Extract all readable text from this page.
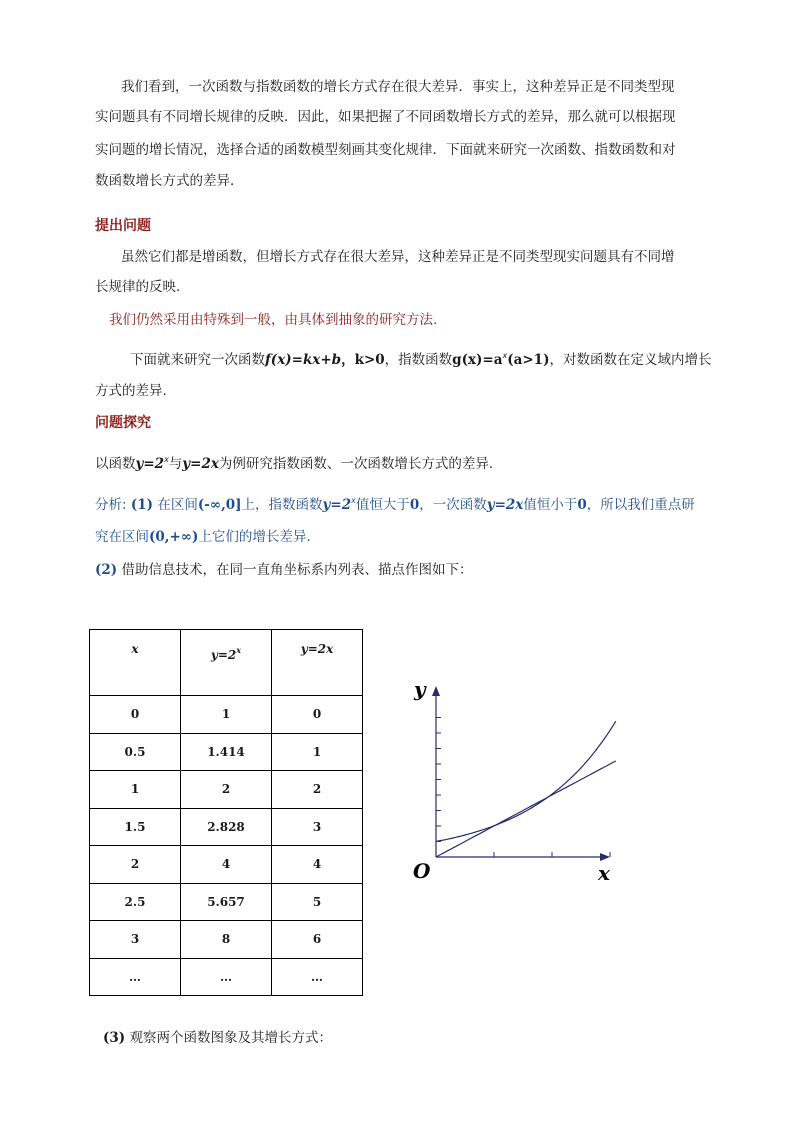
我们看到，一次函数与指数函数的增长方式存在很大差异．事实上，这种差异正是不同类型现

实问题具有不同增长规律的反映．因此，如果把握了不同函数增长方式的差异，那么就可以根据现

实问题的增长情况，选择合适的函数模型刻画其变化规律．下面就来研究一次函数、指数函数和对

数函数增长方式的差异．

提出问题

虽然它们都是增函数，但增长方式存在很大差异，这种差异正是不同类型现实问题具有不同增

长规律的反映.

我们仍然采用由特殊到一般，由具体到抽象的研究方法.

下面就来研究一次函数f(x)=kx+b，k>0，指数函数$g(x)=a^x(a>1)$，对数函数在定义域内增长

方式的差异.

问题探究

以函数$y=2^x$与y=2x为例研究指数函数、一次函数增长方式的差异.

分析: (1) 在区间(-∞,0]上，指数函数$y=2^x$值恒大于0，一次函数y=2x值恒小于0，所以我们重点研

究在区间(0,+∞)上它们的增长差异.

(2) 借助信息技术，在同一直角坐标系内列表、描点作图如下：

x	$y=2^x$	y=2x
0	1	0
0.5	1.414	1
1	2	2
1.5	2.828	3
2	4	4
2.5	5.657	5
3	8	6
…	…	…
y
x
O

(3) 观察两个函数图象及其增长方式：
